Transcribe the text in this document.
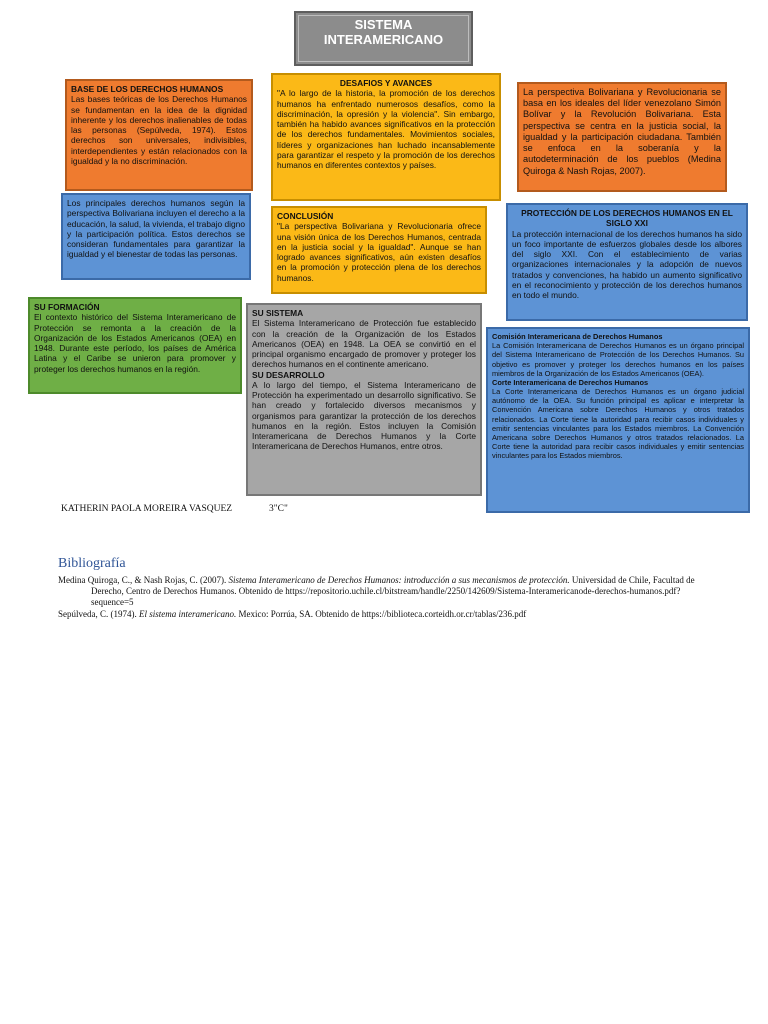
SISTEMA INTERAMERICANO
BASE DE LOS DERECHOS HUMANOS

Las bases teóricas de los Derechos Humanos se fundamentan en la idea de la dignidad inherente y los derechos inalienables de todas las personas (Sepúlveda, 1974). Estos derechos son universales, indivisibles, interdependientes y están relacionados con la igualdad y la no discriminación.

DESAFIOS Y AVANCES

"A lo largo de la historia, la promoción de los derechos humanos ha enfrentado numerosos desafíos, como la discriminación, la opresión y la violencia". Sin embargo, también ha habido avances significativos en la protección de los derechos fundamentales. Movimientos sociales, líderes y organizaciones han luchado incansablemente para garantizar el respeto y la promoción de los derechos humanos en diferentes contextos y países.

La perspectiva Bolivariana y Revolucionaria se basa en los ideales del líder venezolano Simón Bolívar y la Revolución Bolivariana. Esta perspectiva se centra en la justicia social, la igualdad y la participación ciudadana. También se enfoca en la soberanía y la autodeterminación de los pueblos (Medina Quiroga & Nash Rojas, 2007).

Los principales derechos humanos según la perspectiva Bolivariana incluyen el derecho a la educación, la salud, la vivienda, el trabajo digno y la participación política. Estos derechos se consideran fundamentales para garantizar la igualdad y el bienestar de todas las personas.

CONCLUSIÓN

"La perspectiva Bolivariana y Revolucionaria ofrece una visión única de los Derechos Humanos, centrada en la justicia social y la igualdad". Aunque se han logrado avances significativos, aún existen desafíos en la promoción y protección plena de los derechos humanos.

PROTECCIÓN DE LOS DERECHOS HUMANOS EN EL SIGLO XXI

La protección internacional de los derechos humanos ha sido un foco importante de esfuerzos globales desde los albores del siglo XXI. Con el establecimiento de varias organizaciones internacionales y la adopción de nuevos tratados y convenciones, ha habido un aumento significativo en el reconocimiento y protección de los derechos humanos en todo el mundo.

SU FORMACIÓN

El contexto histórico del Sistema Interamericano de Protección se remonta a la creación de la Organización de los Estados Americanos (OEA) en 1948. Durante este período, los países de América Latina y el Caribe se unieron para promover y proteger los derechos humanos en la región.

SU SISTEMA

El Sistema Interamericano de Protección fue establecido con la creación de la Organización de los Estados Americanos (OEA) en 1948. La OEA se convirtió en el principal organismo encargado de promover y proteger los derechos humanos en el continente americano.

SU DESARROLLO

A lo largo del tiempo, el Sistema Interamericano de Protección ha experimentado un desarrollo significativo. Se han creado y fortalecido diversos mecanismos y organismos para garantizar la protección de los derechos humanos en la región. Estos incluyen la Comisión Interamericana de Derechos Humanos y la Corte Interamericana de Derechos Humanos, entre otros.

Comisión Interamericana de Derechos Humanos

La Comisión Interamericana de Derechos Humanos es un órgano principal del Sistema Interamericano de Protección de los Derechos Humanos. Su objetivo es promover y proteger los derechos humanos en los países miembros de la Organización de los Estados Americanos (OEA).

Corte Interamericana de Derechos Humanos

La Corte Interamericana de Derechos Humanos es un órgano judicial autónomo de la OEA. Su función principal es aplicar e interpretar la Convención Americana sobre Derechos Humanos y otros tratados relacionados. La Corte tiene la autoridad para recibir casos individuales y emitir sentencias vinculantes para los Estados miembros. La Convención Americana sobre Derechos Humanos y otros tratados relacionados. La Corte tiene la autoridad para recibir casos individuales y emitir sentencias vinculantes para los Estados miembros.

KATHERIN PAOLA MOREIRA VASQUEZ	3"C"
Bibliografía

Medina Quiroga, C., & Nash Rojas, C. (2007). Sistema Interamericano de Derechos Humanos: introducción a sus mecanismos de protección. Universidad de Chile, Facultad de Derecho, Centro de Derechos Humanos. Obtenido de https://repositorio.uchile.cl/bitstream/handle/2250/142609/Sistema-Interamericanode-derechos-humanos.pdf?sequence=5

Sepúlveda, C. (1974). El sistema interamericano. Mexico: Porrúa, SA. Obtenido de https://biblioteca.corteidh.or.cr/tablas/236.pdf
